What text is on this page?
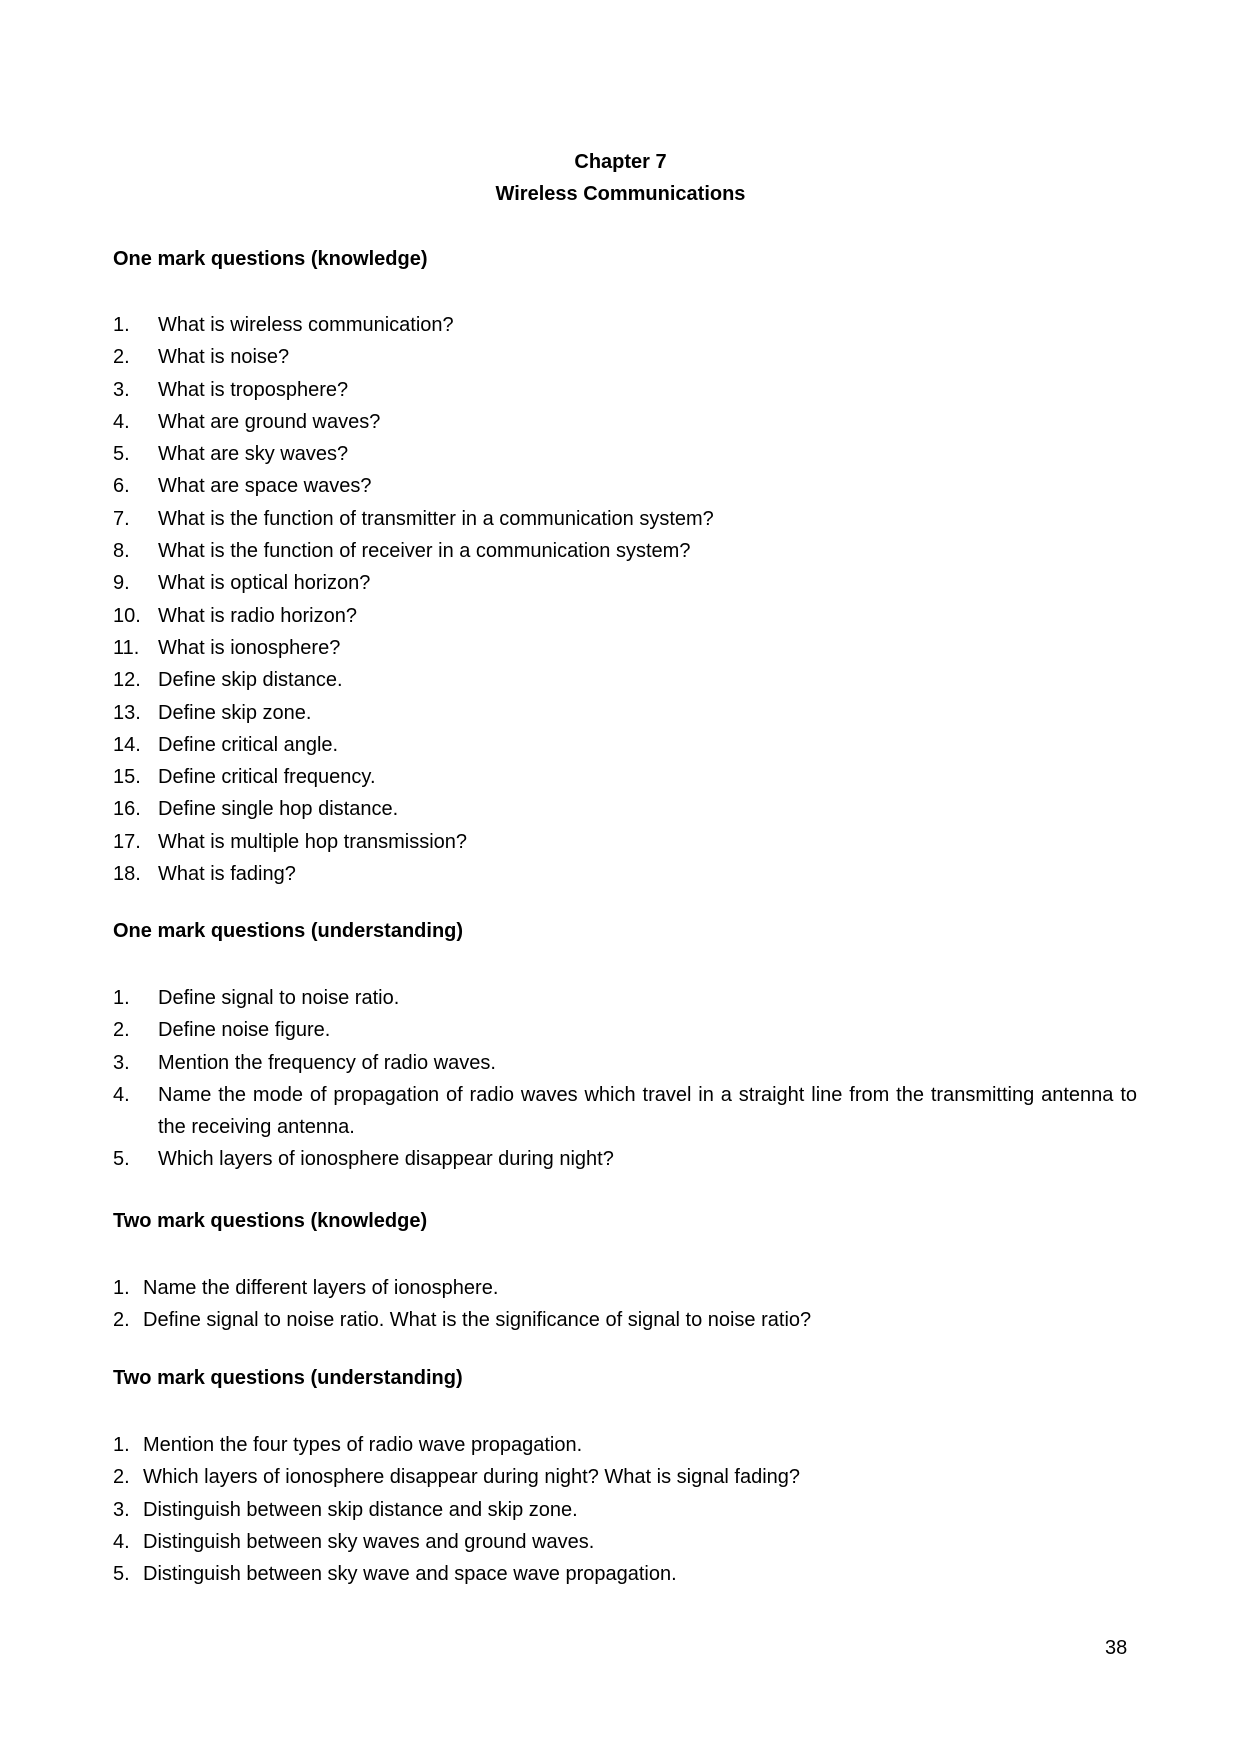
Chapter 7
Wireless Communications
One mark questions (knowledge)
1.	What is wireless communication?
2.	What is noise?
3.	What is troposphere?
4.	What are ground waves?
5.	What are sky waves?
6.	What are space waves?
7.	What is the function of transmitter in a communication system?
8.	What is the function of receiver in a communication system?
9.	What is optical horizon?
10. What is radio horizon?
11. What is ionosphere?
12. Define skip distance.
13. Define skip zone.
14. Define critical angle.
15. Define critical frequency.
16. Define single hop distance.
17. What is multiple hop transmission?
18. What is fading?
One mark questions (understanding)
1.	Define signal to noise ratio.
2.	Define noise figure.
3.	Mention the frequency of radio waves.
4.	Name the mode of propagation of radio waves which travel in a straight line from the transmitting antenna to the receiving antenna.
5.	Which layers of ionosphere disappear during night?
Two mark questions (knowledge)
1. Name the different layers of ionosphere.
2. Define signal to noise ratio. What is the significance of signal to noise ratio?
Two mark questions (understanding)
1. Mention the four types of radio wave propagation.
2. Which layers of ionosphere disappear during night? What is signal fading?
3. Distinguish between skip distance and skip zone.
4. Distinguish between sky waves and ground waves.
5. Distinguish between sky wave and space wave propagation.
38
